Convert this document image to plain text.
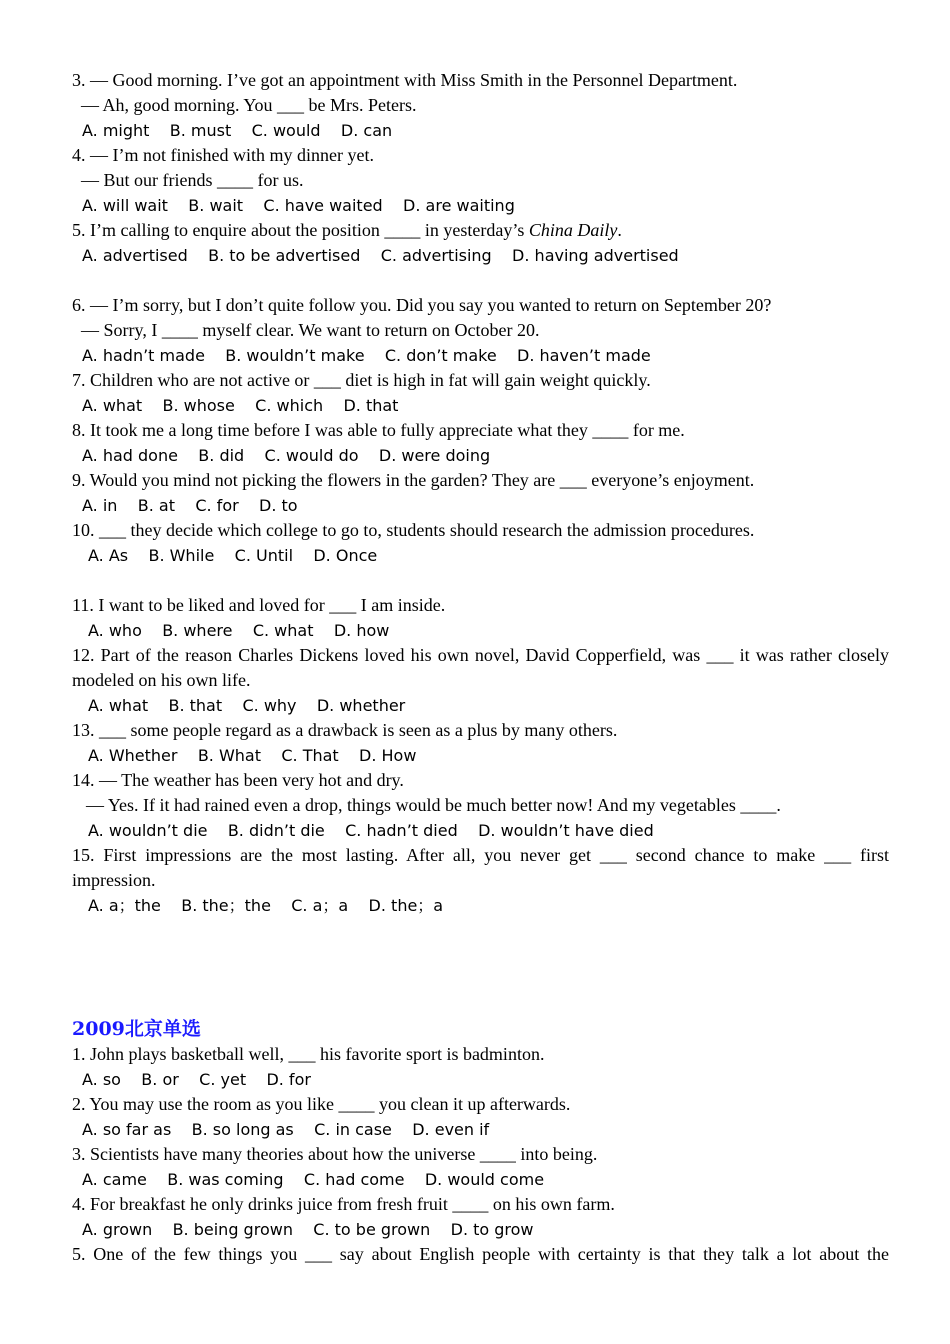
3. — Good morning. I’ve got an appointment with Miss Smith in the Personnel Department.

— Ah, good morning. You ___ be Mrs. Peters.

A. might    B. must    C. would    D. can

4. — I’m not finished with my dinner yet.

— But our friends ____ for us.

A. will wait    B. wait    C. have waited    D. are waiting

5. I’m calling to enquire about the position ____ in yesterday’s China Daily.

A. advertised    B. to be advertised    C. advertising    D. having advertised

6. — I’m sorry, but I don’t quite follow you. Did you say you wanted to return on September 20?

— Sorry, I ____ myself clear. We want to return on October 20.

A. hadn’t made    B. wouldn’t make    C. don’t make    D. haven’t made

7. Children who are not active or ___ diet is high in fat will gain weight quickly.

A. what    B. whose    C. which    D. that

8. It took me a long time before I was able to fully appreciate what they ____ for me.

A. had done    B. did    C. would do    D. were doing

9. Would you mind not picking the flowers in the garden? They are ___ everyone’s enjoyment.

A. in    B. at    C. for    D. to

10. ___ they decide which college to go to, students should research the admission procedures.

A. As    B. While    C. Until    D. Once

11. I want to be liked and loved for ___ I am inside.

A. who    B. where    C. what    D. how

12. Part of the reason Charles Dickens loved his own novel, David Copperfield, was ___ it was rather closely modeled on his own life.

A. what    B. that    C. why    D. whether

13. ___ some people regard as a drawback is seen as a plus by many others.

A. Whether    B. What    C. That    D. How

14. — The weather has been very hot and dry.

— Yes. If it had rained even a drop, things would be much better now! And my vegetables ____.

A. wouldn’t die    B. didn’t die    C. hadn’t died    D. wouldn’t have died

15. First impressions are the most lasting. After all, you never get ___ second chance to make ___ first impression.

A. a；the    B. the；the    C. a；a    D. the；a

2009北京单选

1. John plays basketball well, ___ his favorite sport is badminton.

A. so    B. or    C. yet    D. for

2. You may use the room as you like ____ you clean it up afterwards.

A. so far as    B. so long as    C. in case    D. even if

3. Scientists have many theories about how the universe ____ into being.

A. came    B. was coming    C. had come    D. would come

4. For breakfast he only drinks juice from fresh fruit ____ on his own farm.

A. grown    B. being grown    C. to be grown    D. to grow

5. One of the few things you ___ say about English people with certainty is that they talk a lot about the
